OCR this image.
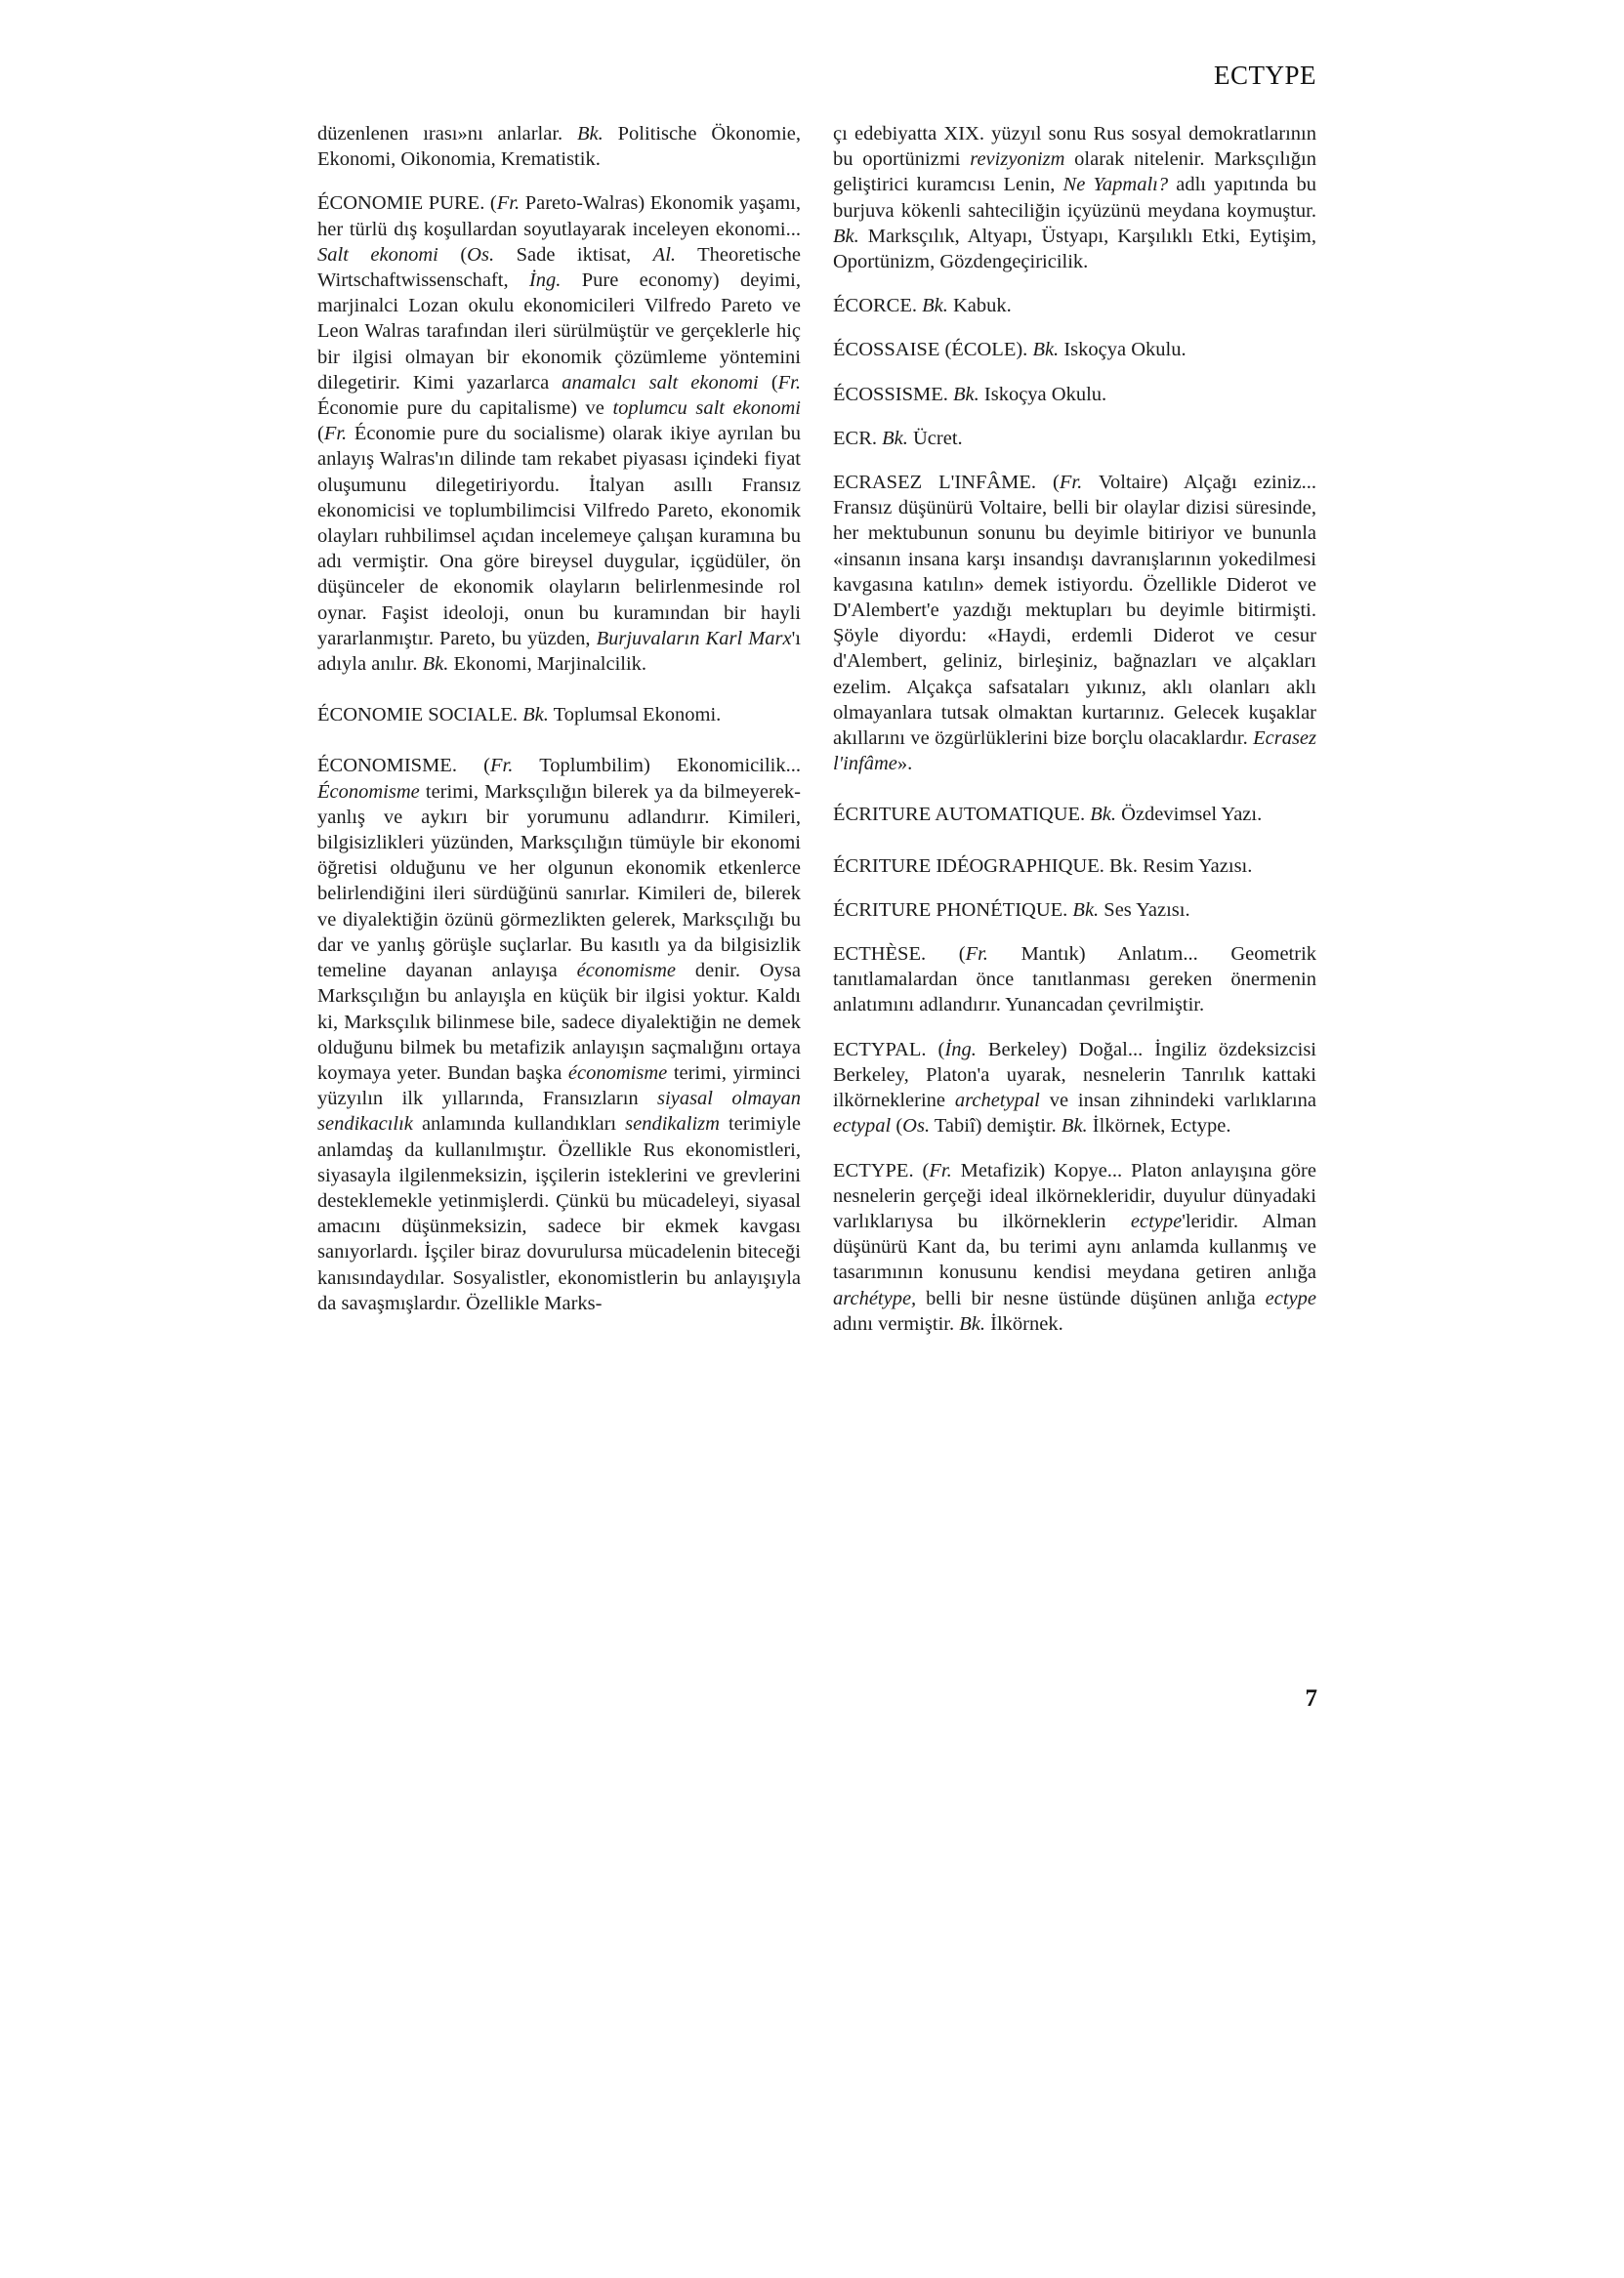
ECTYPE

düzenlenen ırası»nı anlarlar. Bk. Politische Ökonomie, Ekonomi, Oikonomia, Krematistik.

ÉCONOMIE PURE. (Fr. Pareto-Walras) Ekonomik yaşamı, her türlü dış koşullardan soyutlayarak inceleyen ekonomi... Salt ekonomi (Os. Sade iktisat, Al. Theoretische Wirtschaftwissenschaft, İng. Pure economy) deyimi, marjinalci Lozan okulu ekonomicileri Vilfredo Pareto ve Leon Walras tarafından ileri sürülmüştür ve gerçeklerle hiç bir ilgisi olmayan bir ekonomik çözümleme yöntemini dilegetirir. Kimi yazarlarca anamalcı salt ekonomi (Fr. Économie pure du capitalisme) ve toplumcu salt ekonomi (Fr. Économie pure du socialisme) olarak ikiye ayrılan bu anlayış Walras'ın dilinde tam rekabet piyasası içindeki fiyat oluşumunu dilegetiriyordu. İtalyan asıllı Fransız ekonomicisi ve toplumbilimcisi Vilfredo Pareto, ekonomik olayları ruhbilimsel açıdan incelemeye çalışan kuramına bu adı vermiştir. Ona göre bireysel duygular, içgüdüler, ön düşünceler de ekonomik olayların belirlenmesinde rol oynar. Faşist ideoloji, onun bu kuramından bir hayli yararlanmıştır. Pareto, bu yüzden, Burjuvaların Karl Marx'ı adıyla anılır. Bk. Ekonomi, Marjinalcilik.

ÉCONOMIE SOCIALE. Bk. Toplumsal Ekonomi.

ÉCONOMISME. (Fr. Toplumbilim) Ekonomicilik... Économisme terimi, Marksçılığın bilerek ya da bilmeyerek- yanlış ve aykırı bir yorumunu adlandırır. Kimileri, bilgisizlikleri yüzünden, Marksçılığın tümüyle bir ekonomi öğretisi olduğunu ve her olgunun ekonomik etkenlerce belirlendiğini ileri sürdüğünü sanırlar. Kimileri de, bilerek ve diyalektiğin özünü görmezlikten gelerek, Marksçılığı bu dar ve yanlış görüşle suçlarlar. Bu kasıtlı ya da bilgisizlik temeline dayanan anlayışa économisme denir. Oysa Marksçılığın bu anlayışla en küçük bir ilgisi yoktur. Kaldı ki, Marksçılık bilinmese bile, sadece diyalektiğin ne demek olduğunu bilmek bu metafizik anlayışın saçmalığını ortaya koymaya yeter. Bundan başka économisme terimi, yirminci yüzyılın ilk yıllarında, Fransızların siyasal olmayan sendikacılık anlamında kullandıkları sendikalizm terimiyle anlamdaş da kullanılmıştır. Özellikle Rus ekonomistleri, siyasayla ilgilenmeksizin, işçilerin isteklerini ve grevlerini desteklemekle yetinmişlerdi. Çünkü bu mücadeleyi, siyasal amacını düşünmeksizin, sadece bir ekmek kavgası sanıyorlardı. İşçiler biraz dovurulursa mücadelenin biteceği kanısındaydılar. Sosyalistler, ekonomistlerin bu anlayışıyla da savaşmışlardır. Özellikle Marks-

çı edebiyatta XIX. yüzyıl sonu Rus sosyal demokratlarının bu oportünizmi revizyonizm olarak nitelenir. Marksçılığın geliştirici kuramcısı Lenin, Ne Yapmalı? adlı yapıtında bu burjuva kökenli sahteciliğin içyüzünü meydana koymuştur. Bk. Marksçılık, Altyapı, Üstyapı, Karşılıklı Etki, Eytişim, Oportünizm, Gözdengeçiricilik.

ÉCORCE. Bk. Kabuk.

ÉCOSSAISE (ÉCOLE). Bk. Iskoçya Okulu.

ÉCOSSISME. Bk. Iskoçya Okulu.

ECR. Bk. Ücret.

ECRASEZ L'INFÂME. (Fr. Voltaire) Alçağı eziniz... Fransız düşünürü Voltaire, belli bir olaylar dizisi süresinde, her mektubunun sonunu bu deyimle bitiriyor ve bununla «insanın insana karşı insandışı davranışlarının yokedilmesi kavgasına katılın» demek istiyordu. Özellikle Diderot ve D'Alembert'e yazdığı mektupları bu deyimle bitirmişti. Şöyle diyordu: «Haydi, erdemli Diderot ve cesur d'Alembert, geliniz, birleşiniz, bağnazları ve alçakları ezelim. Alçakça safsataları yıkınız, aklı olanları aklı olmayanlara tutsak olmaktan kurtarınız. Gelecek kuşaklar akıllarını ve özgürlüklerini bize borçlu olacaklardır. Ecrasez l'infâme».

ÉCRITURE AUTOMATIQUE. Bk. Özdevimsel Yazı.

ÉCRITURE IDÉOGRAPHIQUE. Bk. Resim Yazısı.

ÉCRITURE PHONÉTIQUE. Bk. Ses Yazısı.

ECTHÈSE. (Fr. Mantık) Anlatım... Geometrik tanıtlamalardan önce tanıtlanması gereken önermenin anlatımını adlandırır. Yunancadan çevrilmiştir.

ECTYPAL. (İng. Berkeley) Doğal... İngiliz özdeksizcisi Berkeley, Platon'a uyarak, nesnelerin Tanrılık kattaki ilkörneklerine archetypal ve insan zihnindeki varlıklarına ectypal (Os. Tabiî) demiştir. Bk. İlkörnek, Ectype.

ECTYPE. (Fr. Metafizik) Kopye... Platon anlayışına göre nesnelerin gerçeği ideal ilkörnekleridir, duyulur dünyadaki varlıklarıysa bu ilkörneklerin ectype'leridir. Alman düşünürü Kant da, bu terimi aynı anlamda kullanmış ve tasarımının konusunu kendisi meydana getiren anlığa archétype, belli bir nesne üstünde düşünen anlığa ectype adını vermiştir. Bk. İlkörnek.

7
